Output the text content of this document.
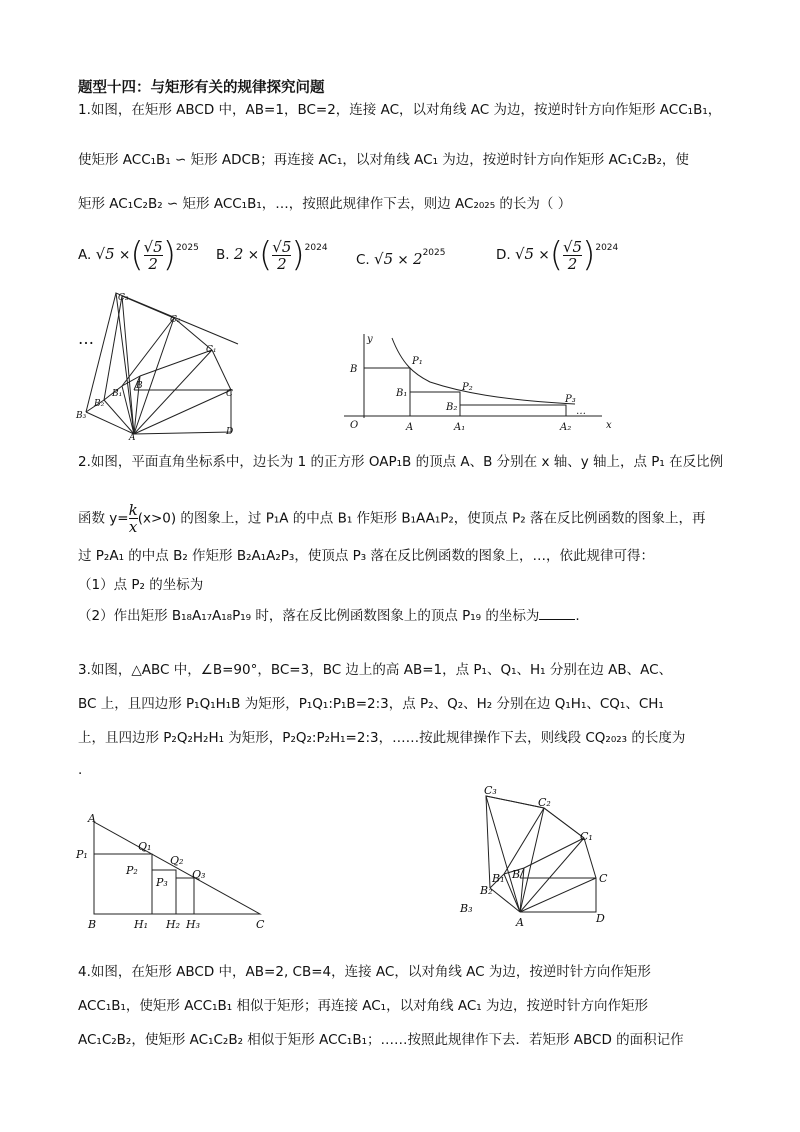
题型十四：与矩形有关的规律探究问题
1.如图，在矩形 ABCD 中，AB=1，BC=2，连接 AC，以对角线 AC 为边，按逆时针方向作矩形 ACC₁B₁，
使矩形 ACC₁B₁ ∽ 矩形 ADCB；再连接 AC₁，以对角线 AC₁ 为边，按逆时针方向作矩形 AC₁C₂B₂，使
矩形 AC₁C₂B₂ ∽ 矩形 ACC₁B₁，…，按照此规律作下去，则边 AC₂₀₂₅ 的长为（ ）
A. √5 ×( $\frac{√5}{2} )^{2025}$ B. 2 ×( $\frac{√5}{2} )^{2024}$
C. $√5 \times 2^{2025}$	D. √5 ×( $\frac{√5}{2} )^{2024}$
…
C₃
C₂
C₁
C
D
A
B
B₁
B₂
B₃
y
B
B₁
B₂
P₁
P₂
P₃
O	A	A₁	A₂	x
…
2.如图，平面直角坐标系中，边长为 1 的正方形 OAP₁B 的顶点 A、B 分别在 x 轴、y 轴上，点 P₁ 在反比例
函数 $y= \frac{k}{x} (x>0)$ 的图象上，过 P₁A 的中点 B₁ 作矩形 B₁AA₁P₂，使顶点 P₂ 落在反比例函数的图象上，再
过 P₂A₁ 的中点 B₂ 作矩形 B₂A₁A₂P₃，使顶点 P₃ 落在反比例函数的图象上，…，依此规律可得：
（1）点 P₂ 的坐标为
（2）作出矩形 B₁₈A₁₇A₁₈P₁₉ 时，落在反比例函数图象上的顶点 P₁₉ 的坐标为	.
3.如图，△ABC 中，∠B=90°，BC=3，BC 边上的高 AB=1，点 P₁、Q₁、H₁ 分别在边 AB、AC、
BC 上，且四边形 P₁Q₁H₁B 为矩形，P₁Q₁:P₁B=2:3，点 P₂、Q₂、H₂ 分别在边 Q₁H₁、CQ₁、CH₁
上，且四边形 P₂Q₂H₂H₁ 为矩形，P₂Q₂:P₂H₁=2:3，……按此规律操作下去，则线段 CQ₂₀₂₃ 的长度为
.
A
P₁
Q₁
P₂
Q₂
P₃
Q₃
B	H₁ H₂ H₃	C
C₃
C₂
C₁
C
B
B₁
B₂
B₃
A	D
4.如图，在矩形 ABCD 中，AB=2, CB=4，连接 AC，以对角线 AC 为边，按逆时针方向作矩形
ACC₁B₁，使矩形 ACC₁B₁ 相似于矩形；再连接 AC₁，以对角线 AC₁ 为边，按逆时针方向作矩形
AC₁C₂B₂，使矩形 AC₁C₂B₂ 相似于矩形 ACC₁B₁；……按照此规律作下去．若矩形 ABCD 的面积记作
